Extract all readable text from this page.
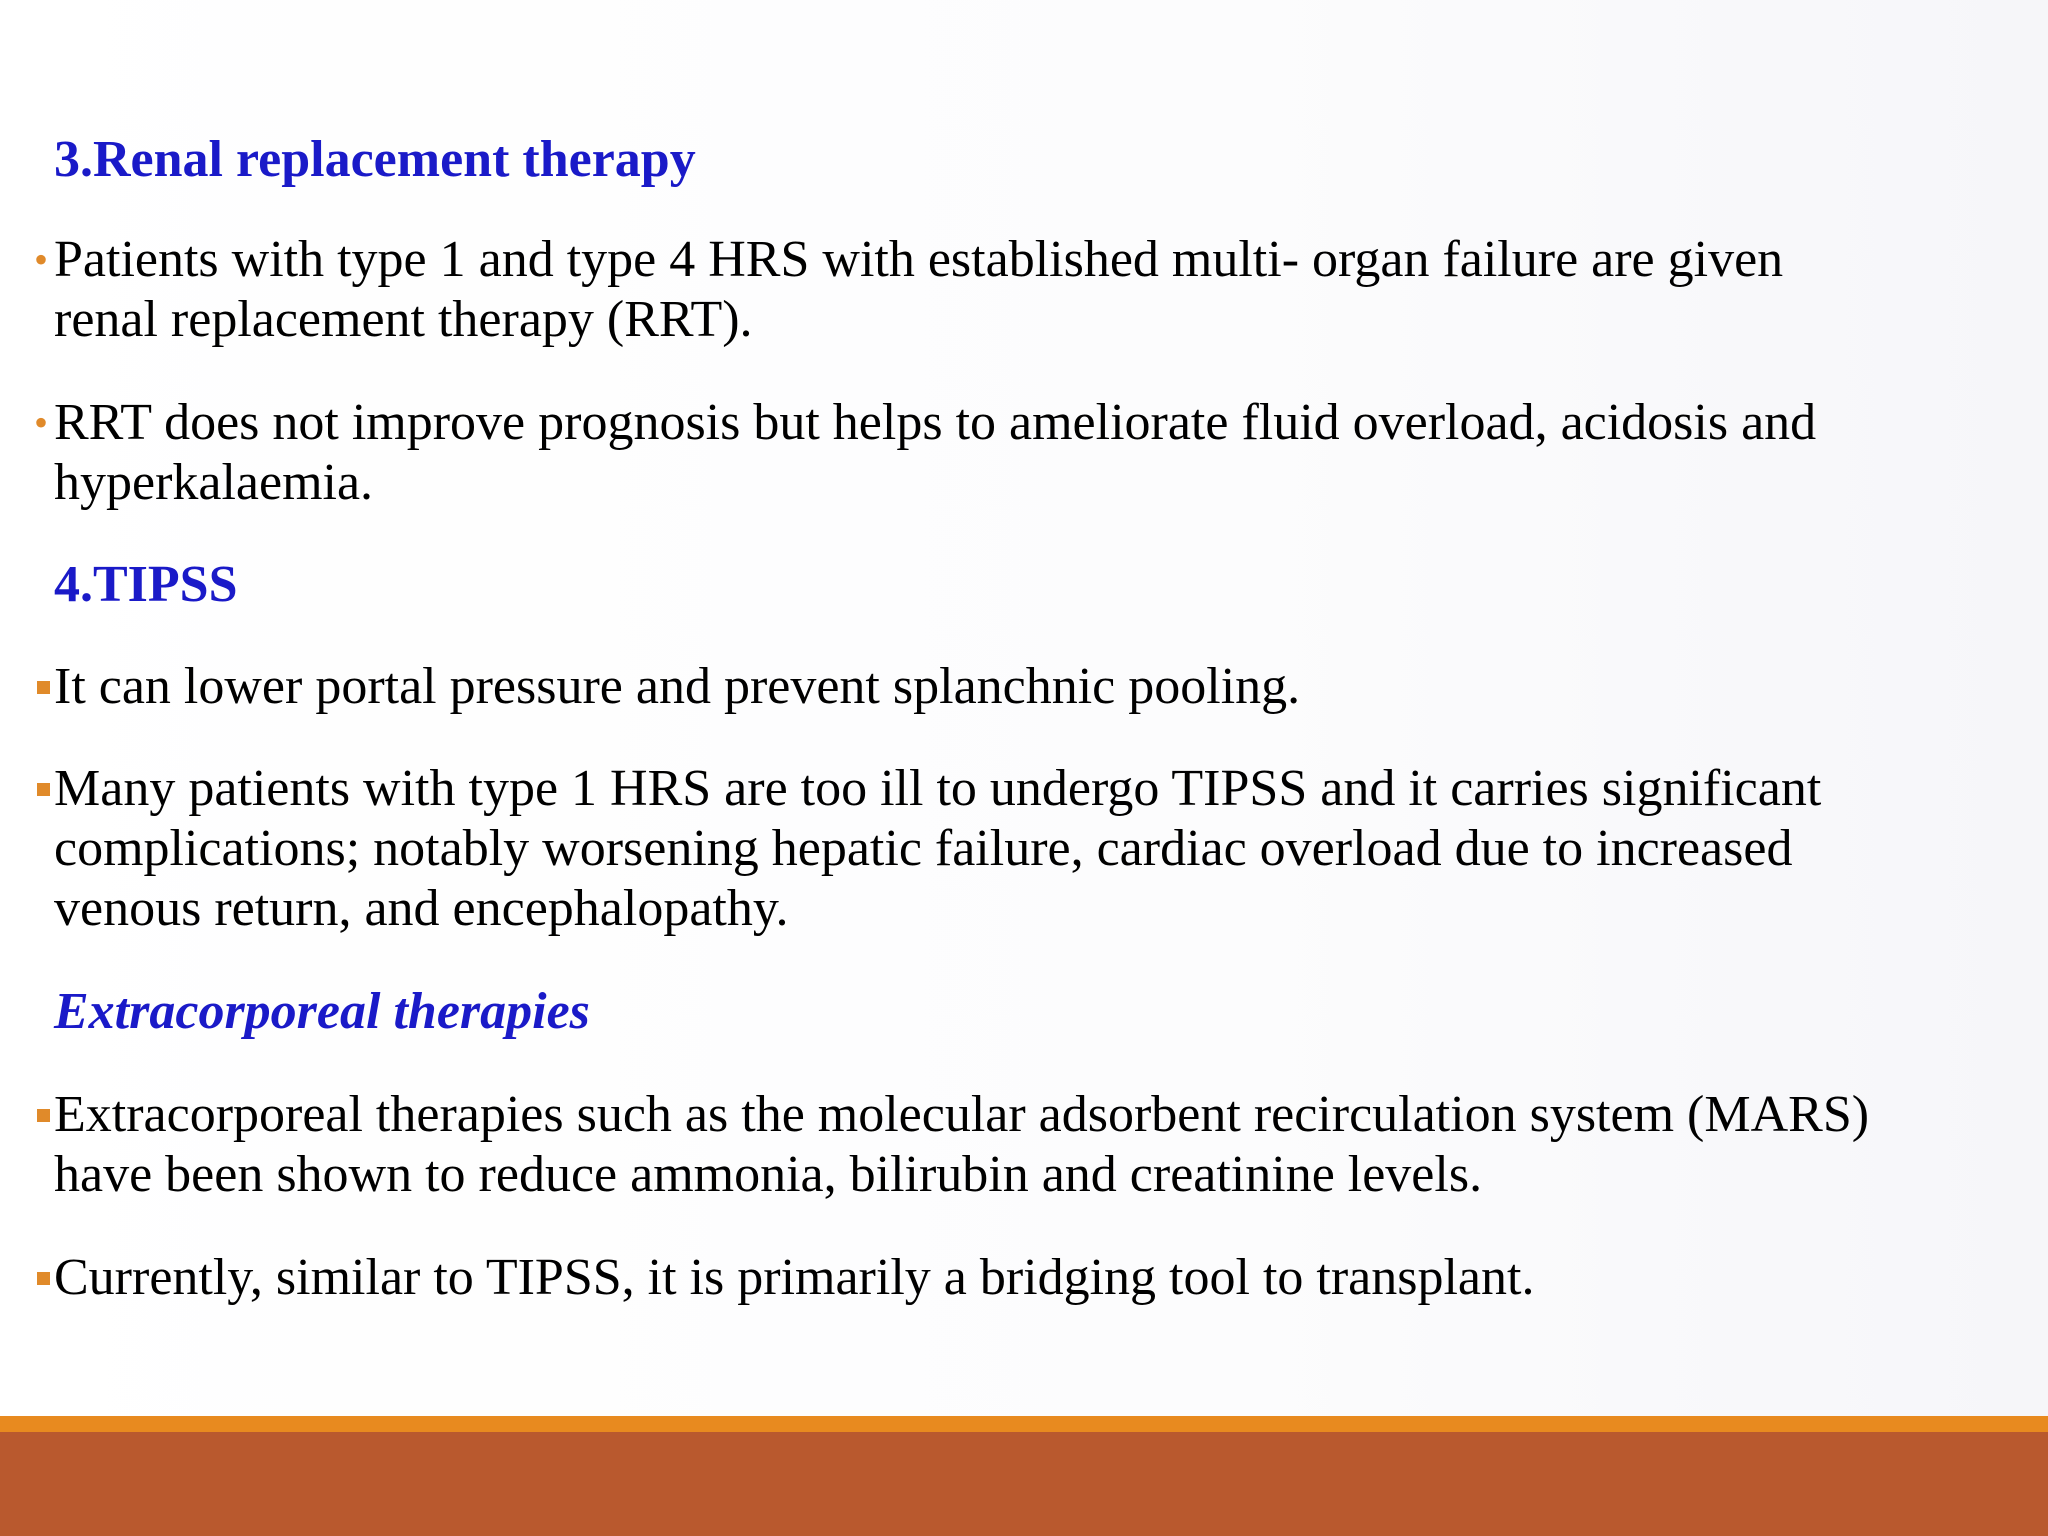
3.Renal replacement therapy
• Patients with type 1 and type 4 HRS with established multi- organ failure are given
renal replacement therapy (RRT).
• RRT does not improve prognosis but helps to ameliorate fluid overload, acidosis and
hyperkalaemia.
4.TIPSS
It can lower portal pressure and prevent splanchnic pooling.
Many patients with type 1 HRS are too ill to undergo TIPSS and it carries significant
complications; notably worsening hepatic failure, cardiac overload due to increased
venous return, and encephalopathy.
Extracorporeal therapies
Extracorporeal therapies such as the molecular adsorbent recirculation system (MARS)
have been shown to reduce ammonia, bilirubin and creatinine levels.
Currently, similar to TIPSS, it is primarily a bridging tool to transplant.
